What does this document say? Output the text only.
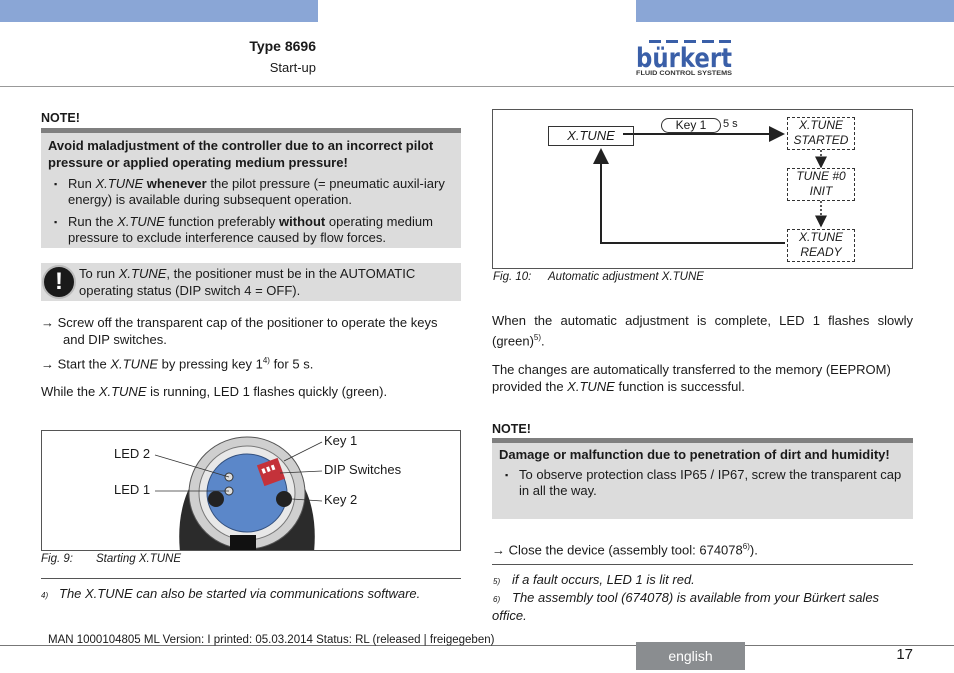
Type 8696
Start-up	bürkert
FLUID CONTROL SYSTEMS
NOTE!
Avoid maladjustment of the controller due to an incorrect pilot pressure or applied operating medium pressure!
▪ Run X.TUNE whenever the pilot pressure (= pneumatic auxil-iary energy) is available during subsequent operation.
▪ Run the X.TUNE function preferably without operating medium pressure to exclude interference caused by flow forces.
!	To run X.TUNE, the positioner must be in the AUTOMATIC operating status (DIP switch 4 = OFF).
→ Screw off the transparent cap of the positioner to operate the keys and DIP switches.
→ Start the X.TUNE by pressing key 1$^{4)}$ for 5 s.
While the X.TUNE is running, LED 1 flashes quickly (green).
LED 2
LED 1
Key 1
DIP Switches
Key 2
Fig. 9: Starting X.TUNE
4) The X.TUNE can also be started via communications software.
X.TUNE
Key 1	5 s	X.TUNE
STARTED
TUNE #0
INIT
X.TUNE
READY
Fig. 10: Automatic adjustment X.TUNE
When the automatic adjustment is complete, LED 1 flashes slowly (green)$^{5)}$.
The changes are automatically transferred to the memory (EEPROM) provided the X.TUNE function is successful.
NOTE!
Damage or malfunction due to penetration of dirt and humidity!
▪ To observe protection class IP65 / IP67, screw the transparent cap in all the way.
→ Close the device (assembly tool: 674078$^{6)}$).
5) if a fault occurs, LED 1 is lit red.
6) The assembly tool (674078) is available from your Bürkert sales office.
MAN 1000104805 ML Version: I printed: 05.03.2014 Status: RL (released | freigegeben)
english	17
